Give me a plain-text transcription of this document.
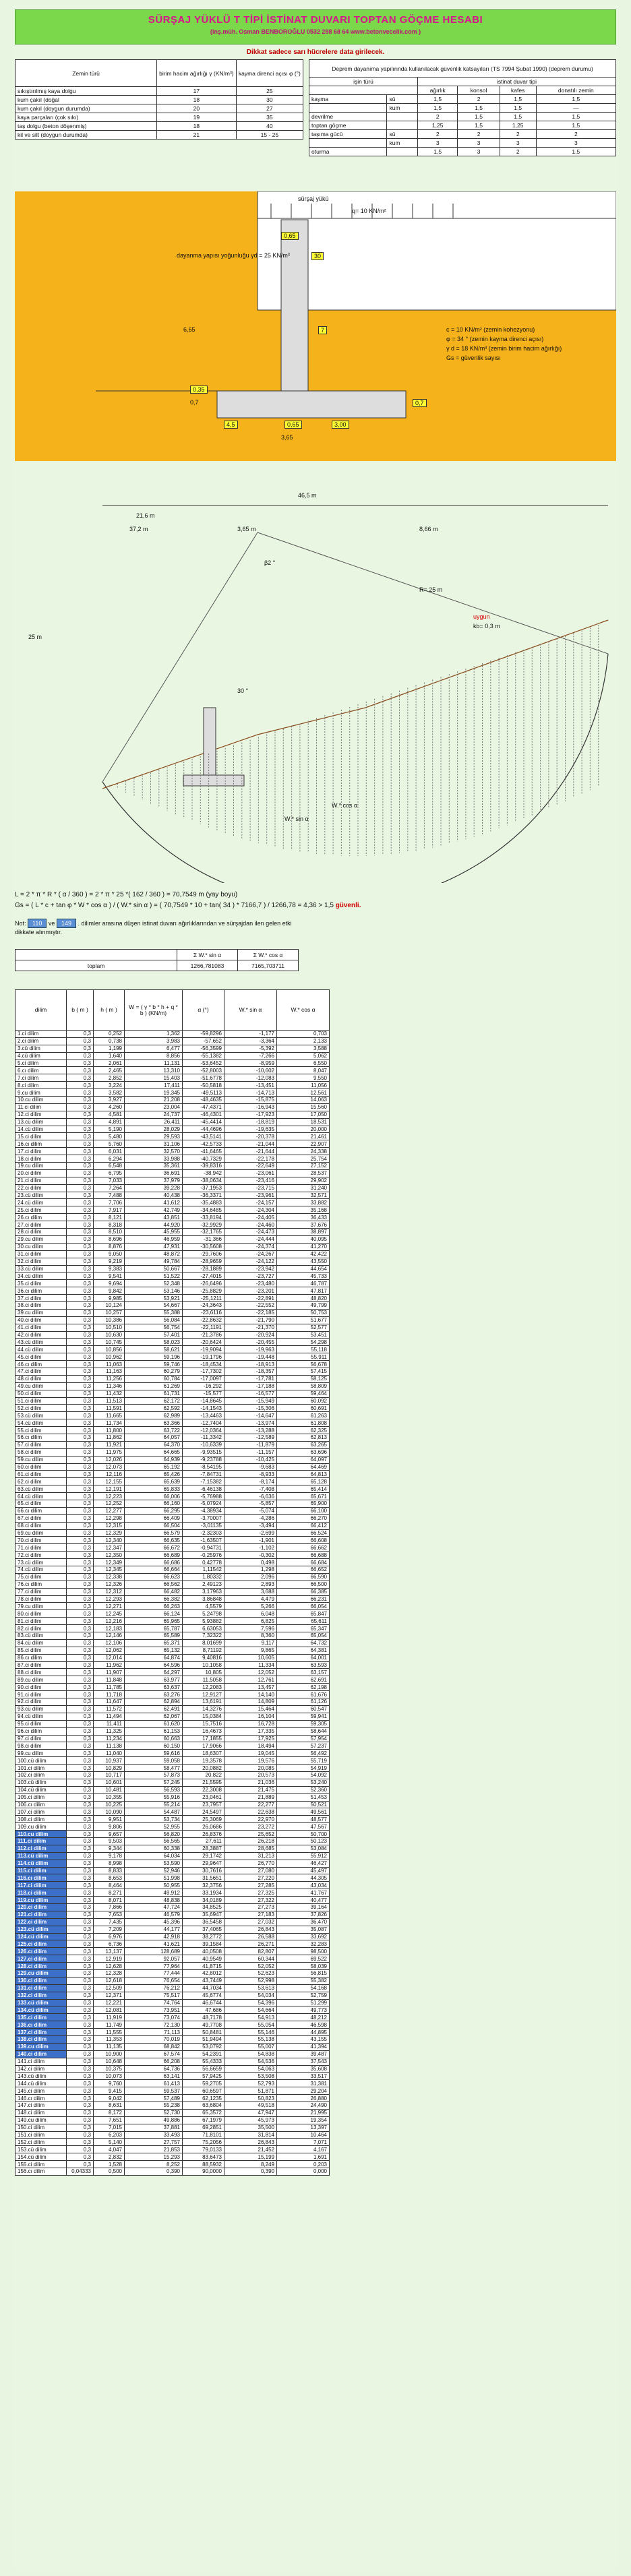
SÜRŞAJ YÜKLÜ T TİPİ İSTİNAT DUVARI TOPTAN GÖÇME HESABI
(inş.müh. Osman BENBOROĞLU 0532 288 68 64 www.betonvecelik.com )
Dikkat sadece sarı hücrelere data girilecek.
Zemin türü	birim hacim ağırlığı γ (KN/m³)	kayma direnci açısı φ (°)
sıkıştırılmış kaya dolgu	17	25
kum çakıl (doğal	18	30
kum çakıl (doygun durumda)	20	27
kaya parçaları (çok sıkı)	19	35
taş dolgu (beton döşenmiş)	18	40
kil ve silt (doygun durumda)	21	15 - 25
Deprem dayanıma yapılırında kullanılacak güvenlik katsayıları (TS 7994 Şubat 1990) (deprem durumu)					
işin türü		istinat duvar tipi			
		ağırlık	konsol	kafes	donatılı zemin
kayma	sü	1,5	2	1,5	1,5
	kum	1,5	1,5	1,5	—
devrilme		2	1,5	1,5	1,5
toptan göçme		1,25	1,5	1,25	1,5
taşıma gücü	sü	2	2	2	2
	kum	3	3	3	3
oturma		1,5	3	2	1,5
dayanma yapısı yoğunluğu γd = 25 KN/m³
sürşaj yükü
q= 10 KN/m²
0,65
30
7
6,65
0,35
0,7
4,5	0,65	3,00
0,7
3,65
c = 10 KN/m² (zemin kohezyonu)
φ = 34 ° (zemin kayma direnci açısı)
γ d = 18 KN/m³ (zemin birim hacim ağırlığı)
Gs = güvenlik sayısı
46,5 m
21,6 m
25 m
37,2 m	3,65 m	8,66 m
R= 25 m
uygun
kb= 0,3 m
W.* cos α
W.* sin α
β2 °
30 °
L = 2 * π * R * ( α / 360 ) = 2 * π * 25 *( 162 / 360 ) = 70,7549 m (yay boyu)
Gs = ( L * c + tan φ * W * cos α ) / ( W.* sin α ) = ( 70,7549 * 10 + tan( 34 ) * 7166,7 ) / 1266,78 = 4,36 > 1,5 güvenli.
Not: 110 ve 149 . dilimler arasına düşen istinat duvarı ağırlıklarından ve sürşajdan ilen gelen etki dikkate alınmıştır.
	Σ W.* sin α	Σ W.* cos α
toplam	1266,781083	7165,703711
dilim	b ( m )	h ( m )	W = ( γ * b * h + q * b ) (KN/m)	α (°)	W.* sin α	W.* cos α
1.ci dilim	0,3	0,252	1,362	-59,8296	-1,177	0,703
2.ci dilim	0,3	0,738	3,983	-57,652	-3,364	2,133
3.cü dilim	0,3	1,199	6,477	-56,3599	-5,392	3,588
4.cü dilim	0,3	1,640	8,856	-55,1382	-7,266	5,062
5.ci dilim	0,3	2,061	11,131	-53,6452	-8,959	6,550
6.cı dilim	0,3	2,465	13,310	-52,8003	-10,602	8,047
7.ci dilim	0,3	2,852	15,403	-51,6778	-12,083	9,550
8.ci dilim	0,3	3,224	17,411	-50,5818	-13,451	11,056
9.cu dilim	0,3	3,582	19,345	-49,5113	-14,713	12,561
10.cu dilim	0,3	3,927	21,208	-48,4635	-15,875	14,063
11.ci dilim	0,3	4,260	23,004	-47,4371	-16,943	15,560
12.ci dilim	0,3	4,581	24,737	-46,4301	-17,923	17,050
13.cü dilim	0,3	4,891	26,411	-45,4414	-18,819	18,531
14.cü dilim	0,3	5,190	28,029	-44,4696	-19,635	20,000
15.ci dilim	0,3	5,480	29,593	-43,5141	-20,378	21,461
16.cı dilim	0,3	5,760	31,106	-42,5733	-21,044	22,907
17.ci dilim	0,3	6,031	32,570	-41,6465	-21,644	24,338
18.ci dilim	0,3	6,294	33,988	-40,7329	-22,178	25,754
19.cu dilim	0,3	6,548	35,361	-39,8316	-22,649	27,152
20.ci dilim	0,3	6,795	36,691	-38,942	-23,061	28,537
21.ci dilim	0,3	7,033	37,979	-38,0634	-23,416	29,902
22.ci dilim	0,3	7,264	39,228	-37,1953	-23,715	31,240
23.cü dilim	0,3	7,488	40,438	-36,3371	-23,961	32,571
24.cü dilim	0,3	7,706	41,612	-35,4883	-24,157	33,882
25.ci dilim	0,3	7,917	42,749	-34,6485	-24,304	35,168
26.cı dilim	0,3	8,121	43,851	-33,8194	-24,405	36,433
27.ci dilim	0,3	8,318	44,920	-32,9929	-24,460	37,676
28.ci dilim	0,3	8,510	45,955	-32,1765	-24,473	38,897
29.cu dilim	0,3	8,696	46,959	-31,366	-24,444	40,095
30.cu dilim	0,3	8,876	47,931	-30,5608	-24,374	41,270
31.ci dilim	0,3	9,050	48,872	-29,7606	-24,267	42,422
32.ci dilim	0,3	9,219	49,784	-28,9659	-24,122	43,550
33.cü dilim	0,3	9,383	50,667	-28,1889	-23,942	44,654
34.cü dilim	0,3	9,541	51,522	-27,4015	-23,727	45,733
35.ci dilim	0,3	9,694	52,348	-26,6496	-23,480	46,787
36.cı dilim	0,3	9,842	53,146	-25,8829	-23,201	47,817
37.ci dilim	0,3	9,985	53,921	-25,1211	-22,891	48,820
38.ci dilim	0,3	10,124	54,667	-24,3643	-22,552	49,799
39.cu dilim	0,3	10,257	55,388	-23,6116	-22,185	50,753
40.ci dilim	0,3	10,386	56,084	-22,8632	-21,790	51,677
41.ci dilim	0,3	10,510	56,754	-22,1191	-21,370	52,577
42.ci dilim	0,3	10,630	57,401	-21,3786	-20,924	53,451
43.cü dilim	0,3	10,745	58,023	-20,6424	-20,455	54,298
44.cü dilim	0,3	10,856	58,621	-19,9094	-19,963	55,118
45.ci dilim	0,3	10,962	59,196	-19,1796	-19,448	55,911
46.cı dilim	0,3	11,063	59,746	-18,4534	-18,913	56,678
47.ci dilim	0,3	11,163	60,279	-17,7302	-18,357	57,415
48.ci dilim	0,3	11,256	60,784	-17,0097	-17,781	58,125
49.cu dilim	0,3	11,346	61,269	-16,292	-17,188	58,809
50.ci dilim	0,3	11,432	61,731	-15,577	-16,577	59,464
51.ci dilim	0,3	11,513	62,172	-14,8645	-15,949	60,092
52.ci dilim	0,3	11,591	62,592	-14,1543	-15,306	60,691
53.cü dilim	0,3	11,665	62,989	-13,4463	-14,647	61,263
54.cü dilim	0,3	11,734	63,366	-12,7404	-13,974	61,808
55.ci dilim	0,3	11,800	63,722	-12,0364	-13,288	62,325
56.cı dilim	0,3	11,862	64,057	-11,3342	-12,589	62,813
57.ci dilim	0,3	11,921	64,370	-10,6339	-11,879	63,265
58.ci dilim	0,3	11,975	64,665	-9,93515	-11,157	63,696
59.cu dilim	0,3	12,026	64,939	-9,23788	-10,425	64,097
60.ci dilim	0,3	12,073	65,192	-8,54195	-9,683	64,469
61.ci dilim	0,3	12,116	65,426	-7,84731	-8,933	64,813
62.ci dilim	0,3	12,155	65,639	-7,15382	-8,174	65,128
63.cü dilim	0,3	12,191	65,833	-6,46138	-7,408	65,414
64.cü dilim	0,3	12,223	66,006	-5,76988	-6,636	65,671
65.ci dilim	0,3	12,252	66,160	-5,07924	-5,857	65,900
66.cı dilim	0,3	12,277	66,295	-4,38934	-5,074	66,100
67.ci dilim	0,3	12,298	66,409	-3,70007	-4,286	66,270
68.ci dilim	0,3	12,315	66,504	-3,01135	-3,494	66,412
69.cu dilim	0,3	12,329	66,579	-2,32303	-2,699	66,524
70.ci dilim	0,3	12,340	66,635	-1,63507	-1,901	66,608
71.ci dilim	0,3	12,347	66,672	-0,94731	-1,102	66,662
72.ci dilim	0,3	12,350	66,689	-0,25976	-0,302	66,688
73.cü dilim	0,3	12,349	66,686	0,42778	0,498	66,684
74.cü dilim	0,3	12,345	66,664	1,11542	1,298	66,652
75.ci dilim	0,3	12,338	66,623	1,80332	2,096	66,590
76.cı dilim	0,3	12,326	66,562	2,49123	2,893	66,500
77.ci dilim	0,3	12,312	66,482	3,17963	3,688	66,385
78.ci dilim	0,3	12,293	66,382	3,86848	4,479	66,231
79.cu dilim	0,3	12,271	66,263	4,5579	5,266	66,054
80.ci dilim	0,3	12,245	66,124	5,24798	6,048	65,847
81.ci dilim	0,3	12,216	65,965	5,93882	6,825	65,611
82.ci dilim	0,3	12,183	65,787	6,63053	7,596	65,347
83.cü dilim	0,3	12,146	65,589	7,32322	8,360	65,054
84.cü dilim	0,3	12,106	65,371	8,01699	9,117	64,732
85.ci dilim	0,3	12,062	65,132	8,71192	9,865	64,381
86.cı dilim	0,3	12,014	64,874	9,40816	10,605	64,001
87.ci dilim	0,3	11,962	64,596	10,1058	11,334	63,593
88.ci dilim	0,3	11,907	64,297	10,805	12,052	63,157
89.cu dilim	0,3	11,848	63,977	11,5058	12,761	62,691
90.ci dilim	0,3	11,785	63,637	12,2083	13,457	62,198
91.ci dilim	0,3	11,718	63,276	12,9127	14,140	61,676
92.ci dilim	0,3	11,647	62,894	13,6191	14,809	61,126
93.cü dilim	0,3	11,572	62,491	14,3276	15,464	60,547
94.cü dilim	0,3	11,494	62,067	15,0384	16,104	59,941
95.ci dilim	0,3	11,411	61,620	15,7516	16,728	59,305
96.cı dilim	0,3	11,325	61,153	16,4673	17,335	58,644
97.ci dilim	0,3	11,234	60,663	17,1855	17,925	57,954
98.ci dilim	0,3	11,138	60,150	17,9066	18,494	57,237
99.cu dilim	0,3	11,040	59,616	18,6307	19,045	56,492
100.cü dilim	0,3	10,937	59,058	19,3578	19,576	55,719
101.ci dilim	0,3	10,829	58,477	20,0882	20,085	54,919
102.ci dilim	0,3	10,717	57,873	20,822	20,573	54,092
103.cü dilim	0,3	10,601	57,245	21,5595	21,036	53,240
104.cü dilim	0,3	10,481	56,593	22,3008	21,475	52,360
105.ci dilim	0,3	10,355	55,916	23,0461	21,889	51,453
106.cı dilim	0,3	10,225	55,214	23,7957	22,277	50,521
107.ci dilim	0,3	10,090	54,487	24,5497	22,638	49,561
108.ci dilim	0,3	9,951	53,734	25,3069	22,970	48,577
109.cu dilim	0,3	9,806	52,955	26,0686	23,272	47,567
110.cu dilim	0,3	9,657	56,820	26,8376	25,652	50,700
111.ci dilim	0,3	9,503	56,565	27,611	26,218	50,123
112.ci dilim	0,3	9,344	60,338	28,3887	28,685	53,084
113.cü dilim	0,3	9,178	64,034	29,1742	31,213	55,912
114.cü dilim	0,3	8,998	53,590	29,9647	26,770	46,427
115.ci dilim	0,3	8,833	52,946	30,7616	27,080	45,497
116.cı dilim	0,3	8,653	51,998	31,5651	27,220	44,305
117.ci dilim	0,3	8,464	50,955	32,3756	27,285	43,034
118.ci dilim	0,3	8,271	49,912	33,1934	27,325	41,767
119.cu dilim	0,3	8,071	48,838	34,0189	27,322	40,477
120.ci dilim	0,3	7,866	47,724	34,8525	27,273	39,164
121.ci dilim	0,3	7,653	46,579	35,6947	27,183	37,826
122.ci dilim	0,3	7,435	45,396	36,5458	27,032	36,470
123.cü dilim	0,3	7,209	44,177	37,4065	26,843	35,087
124.cü dilim	0,3	6,976	42,918	38,2772	26,588	33,692
125.ci dilim	0,3	6,736	41,621	39,1584	26,271	32,283
126.cı dilim	0,3	13,137	128,689	40,0508	82,807	98,500
127.ci dilim	0,3	12,919	92,057	40,9549	60,344	69,522
128.ci dilim	0,3	12,628	77,964	41,8715	52,052	58,039
129.cu dilim	0,3	12,328	77,444	42,8012	52,623	56,815
130.ci dilim	0,3	12,618	76,654	43,7449	52,998	55,382
131.ci dilim	0,3	12,509	76,212	44,7034	53,613	54,168
132.ci dilim	0,3	12,371	75,517	45,6774	54,034	52,759
133.cü dilim	0,3	12,221	74,764	46,6744	54,396	51,299
134.cü dilim	0,3	12,081	73,951	47,686	54,664	49,773
135.ci dilim	0,3	11,919	73,074	48,7178	54,913	48,212
136.cı dilim	0,3	11,749	72,130	49,7708	55,054	46,598
137.ci dilim	0,3	11,555	71,113	50,8481	55,146	44,895
138.ci dilim	0,3	11,353	70,019	51,9494	55,138	43,155
139.cu dilim	0,3	11,135	68,842	53,0792	55,007	41,394
140.ci dilim	0,3	10,900	67,574	54,2391	54,838	39,487
141.ci dilim	0,3	10,648	66,208	55,4333	54,536	37,543
142.ci dilim	0,3	10,375	64,736	56,6659	54,063	35,608
143.cü dilim	0,3	10,073	63,141	57,9425	53,508	33,517
144.cü dilim	0,3	9,760	61,413	59,2705	52,793	31,381
145.ci dilim	0,3	9,415	59,537	60,6597	51,871	29,204
146.cı dilim	0,3	9,042	57,489	62,1235	50,823	26,880
147.ci dilim	0,3	8,631	55,238	63,6804	49,518	24,490
148.ci dilim	0,3	8,172	52,730	65,3572	47,947	21,995
149.cu dilim	0,3	7,651	49,886	67,1979	45,973	19,354
150.ci dilim	0,3	7,015	37,881	69,2851	35,500	13,397
151.ci dilim	0,3	6,203	33,493	71,8101	31,814	10,464
152.ci dilim	0,3	5,140	27,757	75,2056	26,843	7,071
153.cü dilim	0,3	4,047	21,853	79,0133	21,452	4,167
154.cü dilim	0,3	2,832	15,293	83,6473	15,199	1,691
155.ci dilim	0,3	1,528	8,252	88,5932	8,249	0,203
156.cı dilim	0,04333	0,500	0,390	90,0000	0,390	0,000
